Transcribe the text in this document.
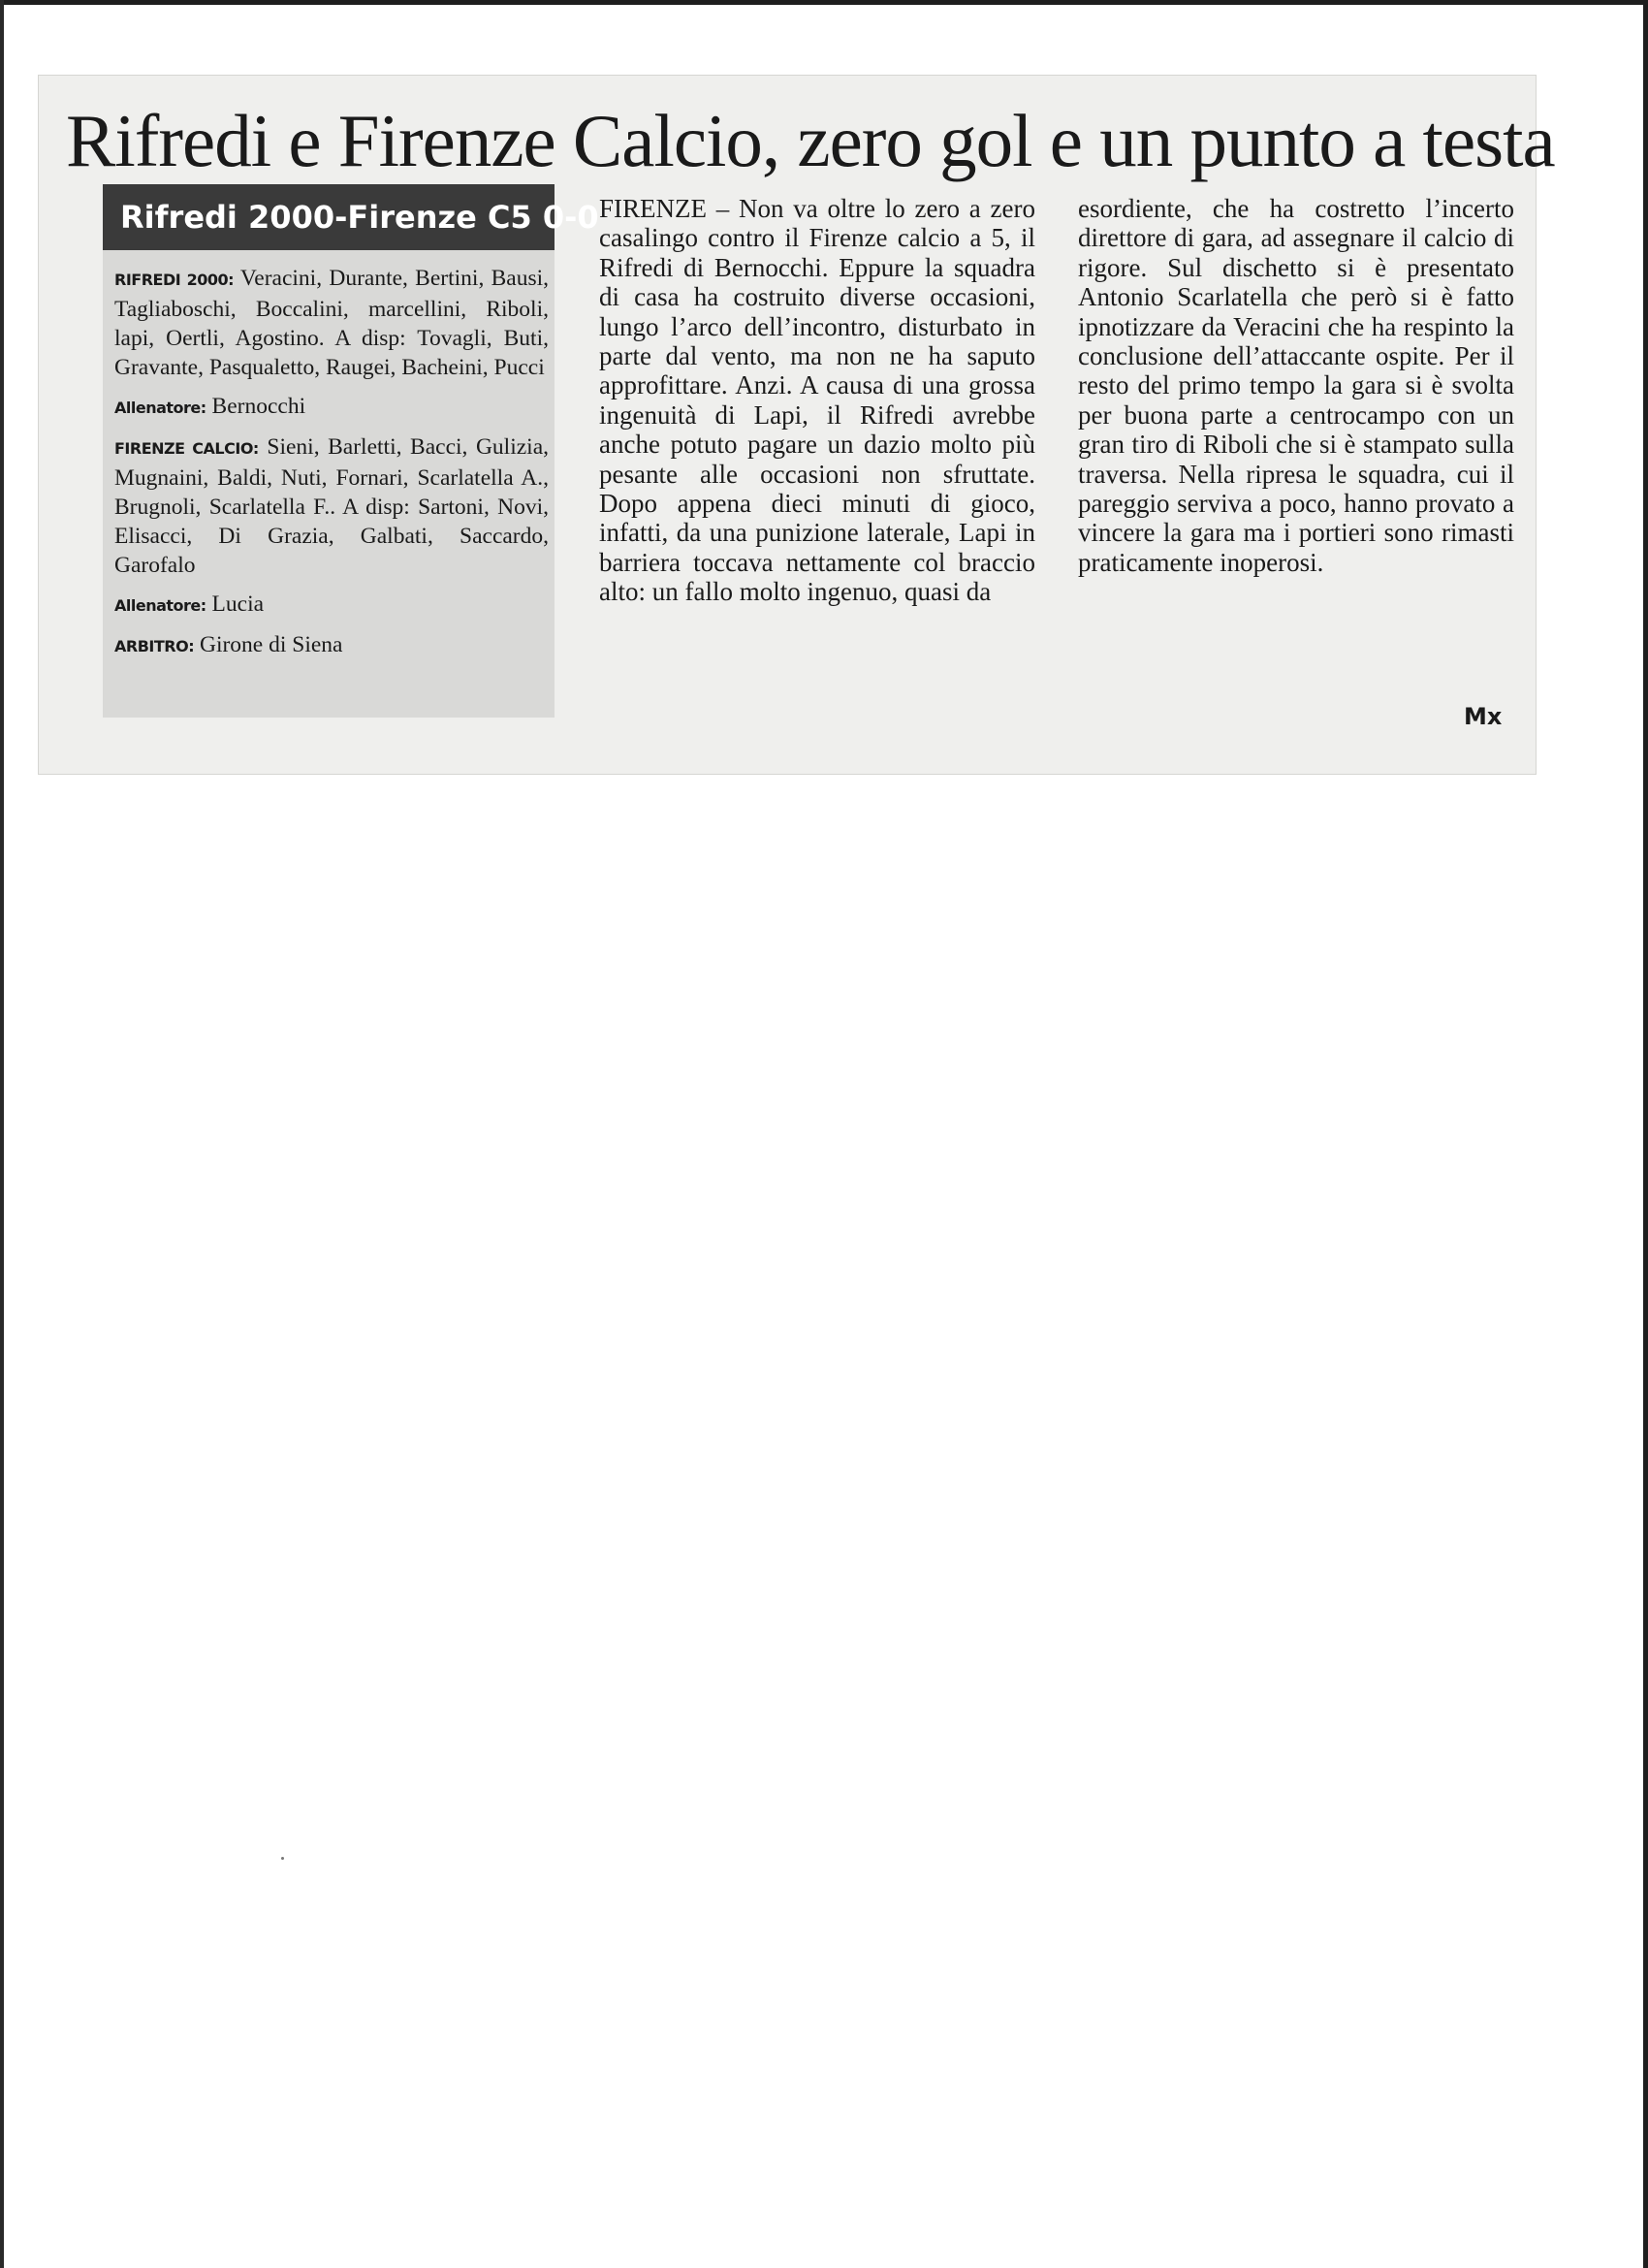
Rifredi e Firenze Calcio, zero gol e un punto a testa
Rifredi 2000-Firenze C5 0-0

RIFREDI 2000: Veracini, Durante, Bertini, Bausi, Tagliaboschi, Boccalini, marcellini, Riboli, lapi, Oertli, Agostino. A disp: Tovagli, Buti, Gravante, Pasqualetto, Raugei, Bacheini, Pucci

Allenatore: Bernocchi

FIRENZE CALCIO: Sieni, Barletti, Bacci, Gulizia, Mugnaini, Baldi, Nuti, Fornari, Scarlatella A., Brugnoli, Scarlatella F.. A disp: Sartoni, Novi, Elisacci, Di Grazia, Galbati, Saccardo, Garofalo

Allenatore: Lucia

ARBITRO: Girone di Siena

FIRENZE – Non va oltre lo zero a zero casalingo contro il Firenze calcio a 5, il Rifredi di Bernocchi. Eppure la squadra di casa ha costruito diverse occasioni, lungo l’arco dell’incontro, disturbato in parte dal vento, ma non ne ha saputo approfittare. Anzi. A causa di una grossa ingenuità di Lapi, il Rifredi avrebbe anche potuto pagare un dazio molto più pesante alle occasioni non sfruttate. Dopo appena dieci minuti di gioco, infatti, da una punizione laterale, Lapi in barriera toccava nettamente col braccio alto: un fallo molto ingenuo, quasi da

esordiente, che ha costretto l’incerto direttore di gara, ad assegnare il calcio di rigore. Sul dischetto si è presentato Antonio Scarlatella che però si è fatto ipnotizzare da Veracini che ha respinto la conclusione dell’attaccante ospite. Per il resto del primo tempo la gara si è svolta per buona parte a centrocampo con un gran tiro di Riboli che si è stampato sulla traversa. Nella ripresa le squadra, cui il pareggio serviva a poco, hanno provato a vincere la gara ma i portieri sono rimasti praticamente inoperosi.

Mx
